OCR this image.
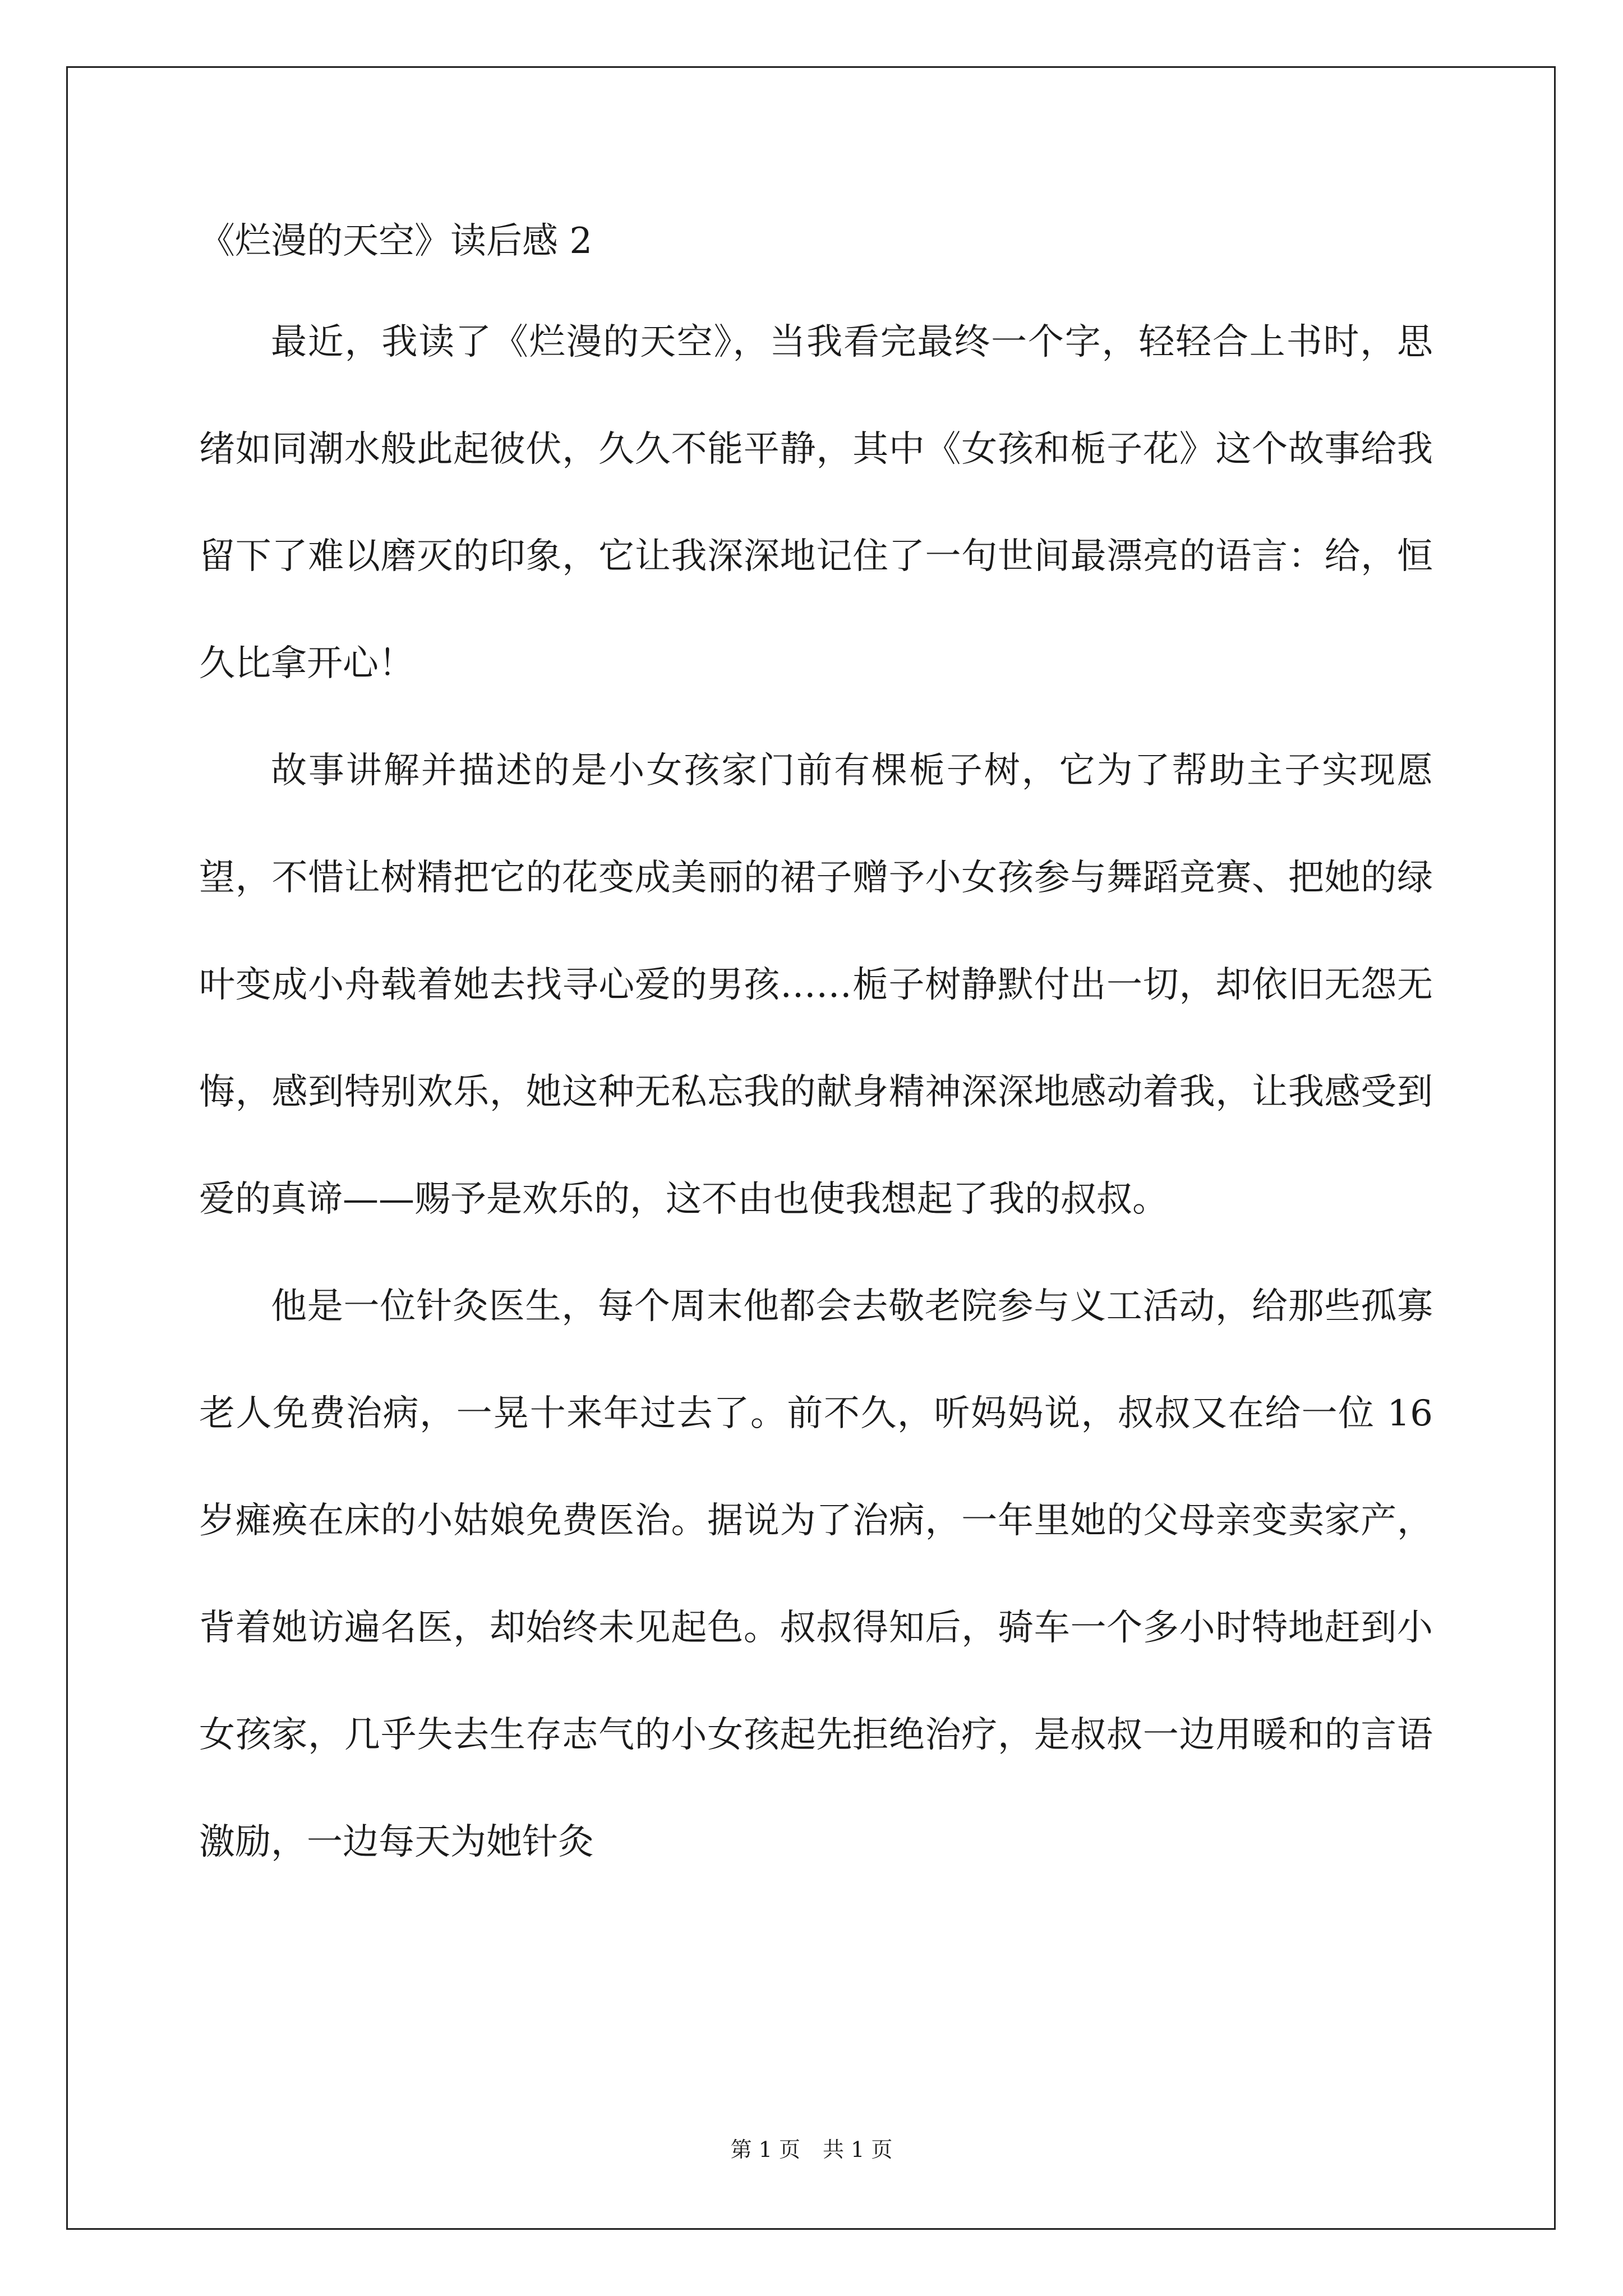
《烂漫的天空》读后感 2

最近，我读了《烂漫的天空》，当我看完最终一个字，轻轻合上书时，思绪如同潮水般此起彼伏，久久不能平静，其中《女孩和栀子花》这个故事给我留下了难以磨灭的印象，它让我深深地记住了一句世间最漂亮的语言：给，恒久比拿开心！

故事讲解并描述的是小女孩家门前有棵栀子树，它为了帮助主子实现愿望，不惜让树精把它的花变成美丽的裙子赠予小女孩参与舞蹈竞赛、把她的绿叶变成小舟载着她去找寻心爱的男孩……栀子树静默付出一切，却依旧无怨无悔，感到特别欢乐，她这种无私忘我的献身精神深深地感动着我，让我感受到爱的真谛——赐予是欢乐的，这不由也使我想起了我的叔叔。

他是一位针灸医生，每个周末他都会去敬老院参与义工活动，给那些孤寡老人免费治病，一晃十来年过去了。前不久，听妈妈说，叔叔又在给一位 16 岁瘫痪在床的小姑娘免费医治。据说为了治病，一年里她的父母亲变卖家产，背着她访遍名医，却始终未见起色。叔叔得知后，骑车一个多小时特地赶到小女孩家，几乎失去生存志气的小女孩起先拒绝治疗，是叔叔一边用暖和的言语激励，一边每天为她针灸

第 1 页 共 1 页
